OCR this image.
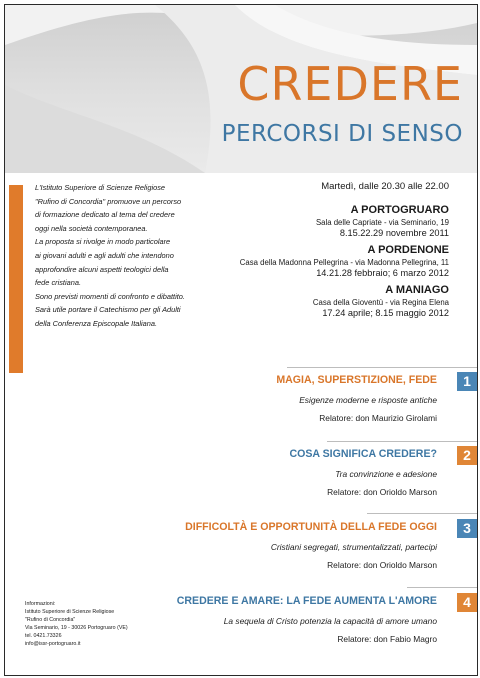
CREDERE
PERCORSI DI SENSO

L'Istituto Superiore di Scienze Religiose

"Rufino di Concordia" promuove un percorso

di formazione dedicato al tema del credere

oggi nella società contemporanea.

La proposta si rivolge in modo particolare

ai giovani adulti e agli adulti che intendono

approfondire alcuni aspetti teologici della

fede cristiana.

Sono previsti momenti di confronto e dibattito.

Sarà utile portare il Catechismo per gli Adulti

della Conferenza Episcopale Italiana.

Martedì, dalle 20.30 alle 22.00
A PORTOGRUARO
Sala delle Capriate - via Seminario, 19
8.15.22.29 novembre 2011
A PORDENONE
Casa della Madonna Pellegrina - via Madonna Pellegrina, 11
14.21.28 febbraio; 6 marzo 2012
A MANIAGO
Casa della Gioventù - via Regina Elena
17.24 aprile; 8.15 maggio 2012
1
MAGIA, SUPERSTIZIONE, FEDE
Esigenze moderne e risposte antiche
Relatore: don Maurizio Girolami
2
COSA SIGNIFICA CREDERE?
Tra convinzione e adesione
Relatore: don Orioldo Marson
3
DIFFICOLTÀ E OPPORTUNITÀ DELLA FEDE OGGI
Cristiani segregati, strumentalizzati, partecipi
Relatore: don Orioldo Marson
4
CREDERE E AMARE: LA FEDE AUMENTA L'AMORE
La sequela di Cristo potenzia la capacità di amore umano
Relatore: don Fabio Magro
Informazioni:
Istituto Superiore di Scienze Religiose
"Rufino di Concordia"
Via Seminario, 19 - 30026 Portogruaro (VE)
tel. 0421.73326
info@issr-portogruaro.it
